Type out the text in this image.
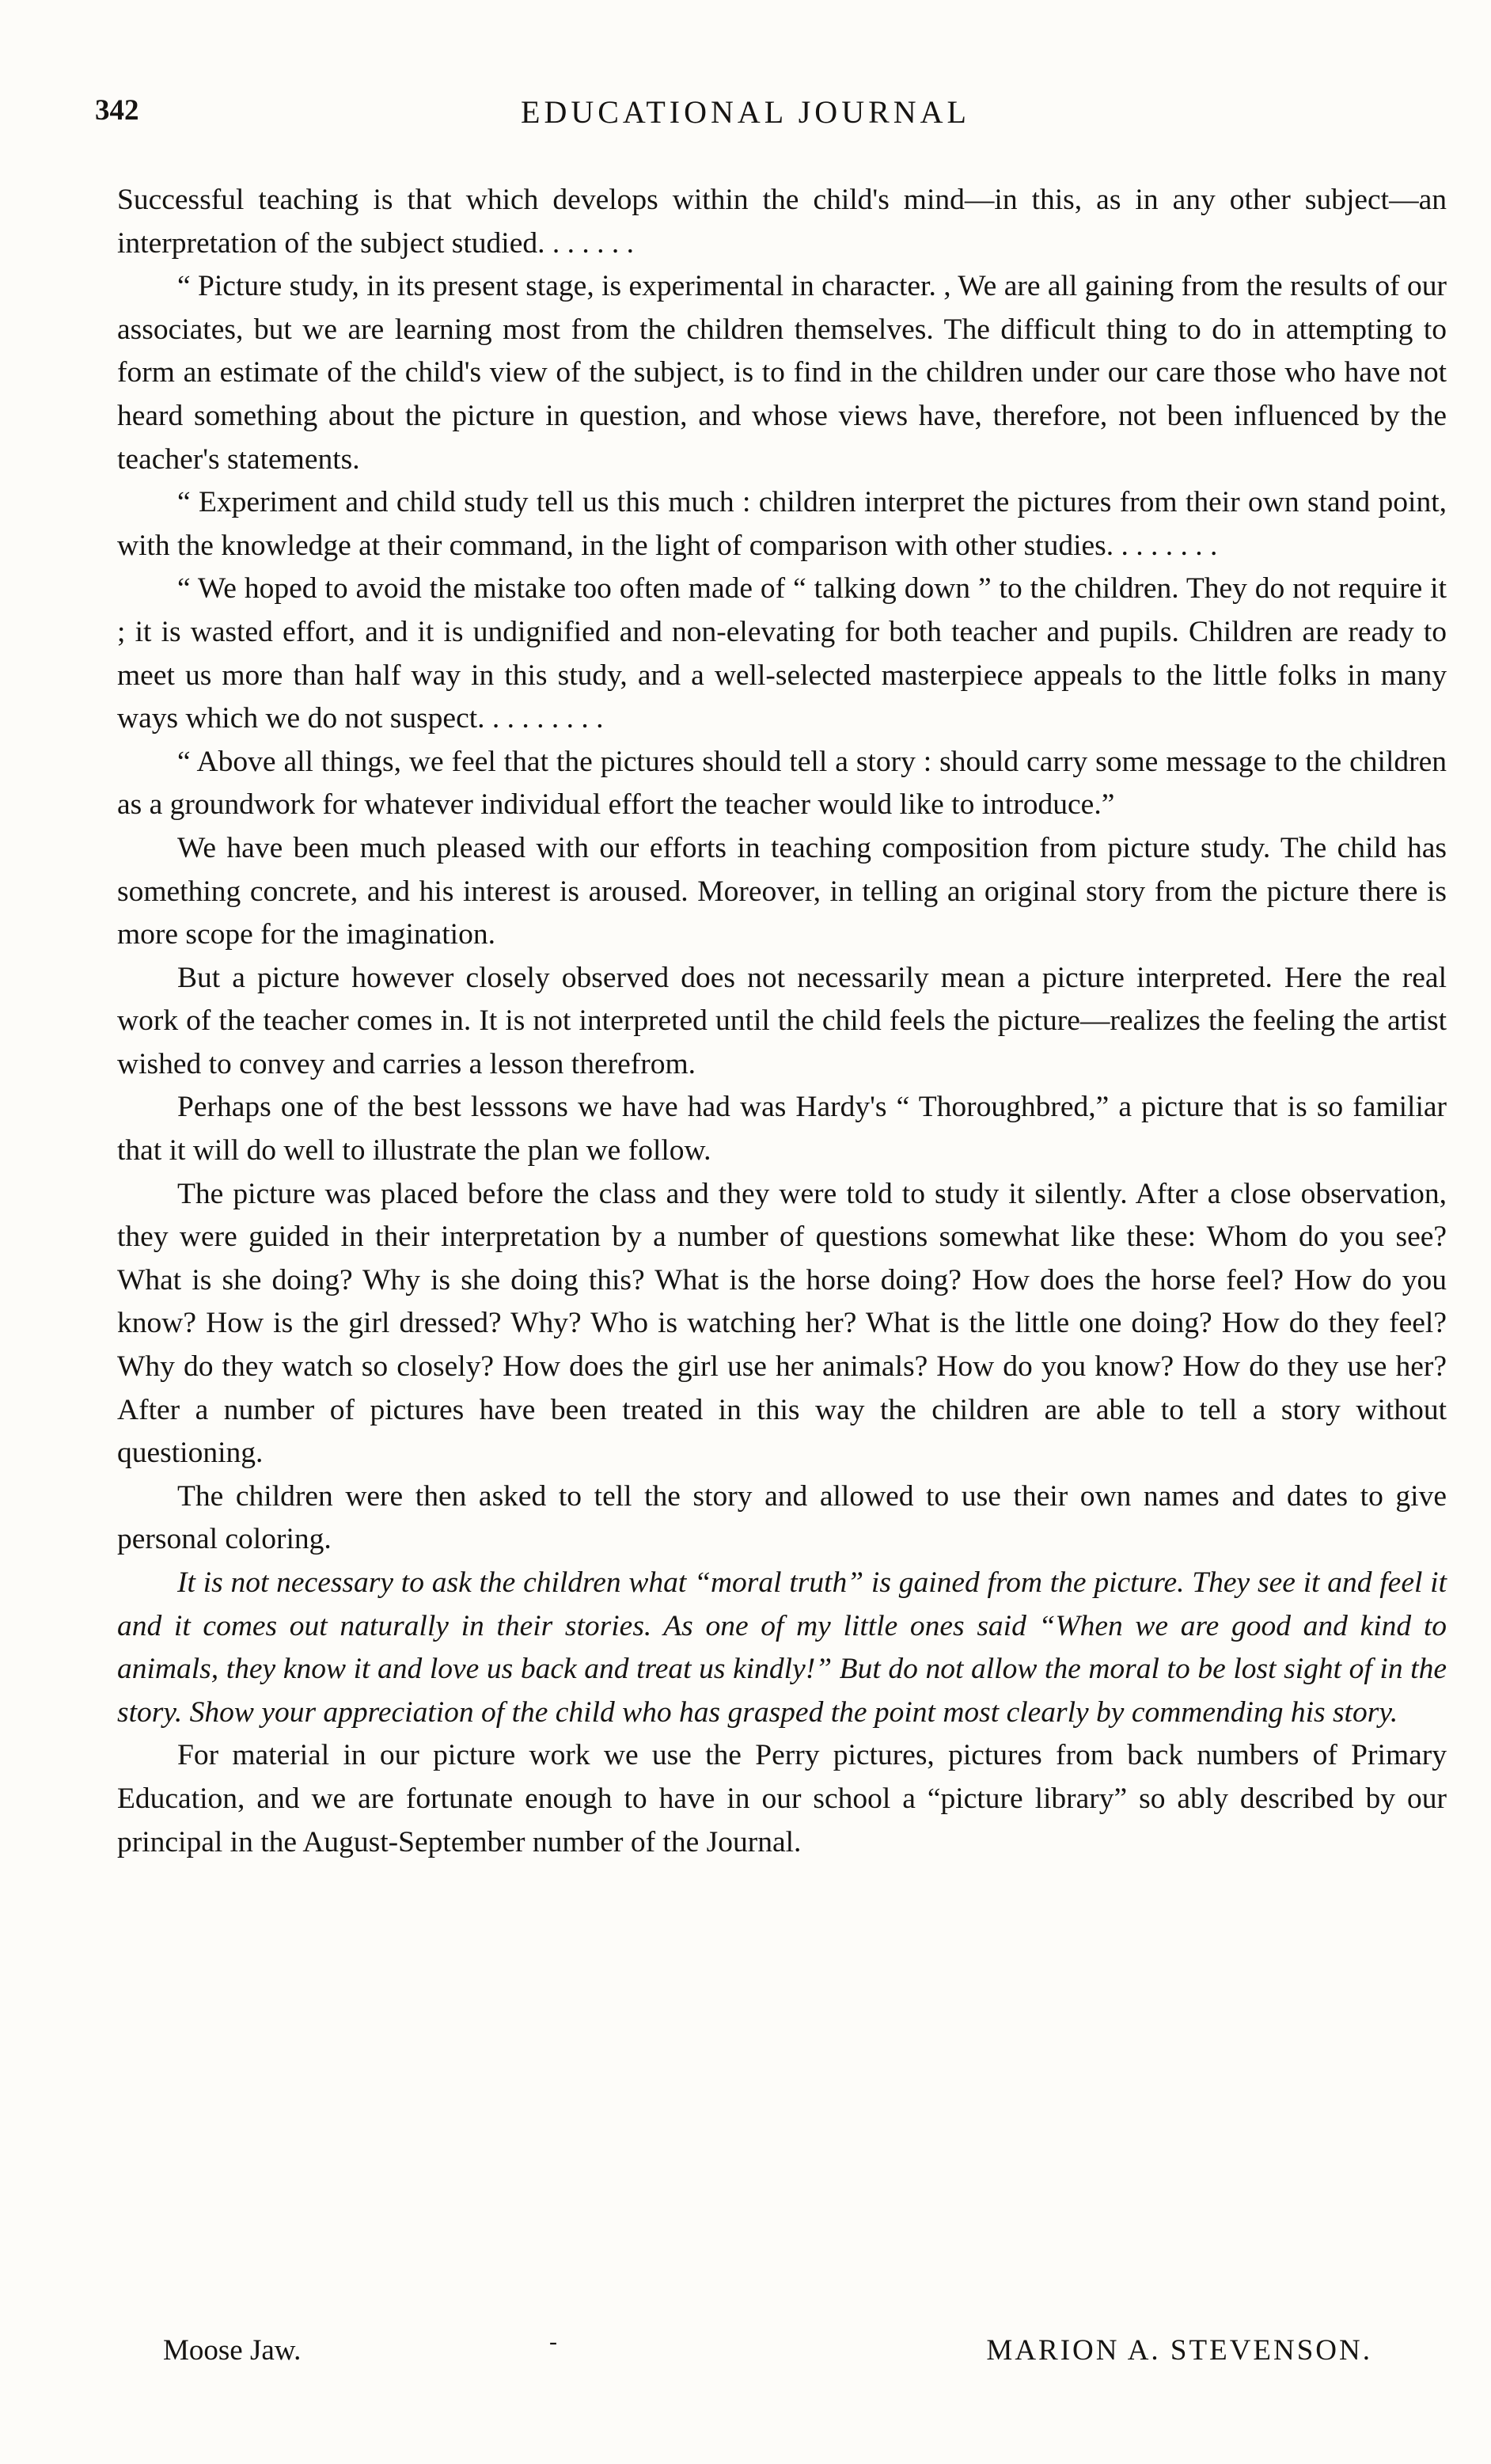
342	EDUCATIONAL JOURNAL

Successful teaching is that which develops within the child's mind—in this, as in any other subject—an interpretation of the subject studied. . . . . . .

“ Picture study, in its present stage, is experimental in character. , We are all gaining from the results of our associates, but we are learning most from the children themselves. The difficult thing to do in attempting to form an estimate of the child's view of the subject, is to find in the children under our care those who have not heard something about the picture in question, and whose views have, therefore, not been influenced by the teacher's statements.

“ Experiment and child study tell us this much : children interpret the pictures from their own stand point, with the knowledge at their command, in the light of comparison with other studies. . . . . . . .

“ We hoped to avoid the mistake too often made of “ talking down ” to the children. They do not require it ; it is wasted effort, and it is undignified and non-elevating for both teacher and pupils. Children are ready to meet us more than half way in this study, and a well-selected masterpiece appeals to the little folks in many ways which we do not suspect. . . . . . . . .

“ Above all things, we feel that the pictures should tell a story : should carry some message to the children as a groundwork for whatever individual effort the teacher would like to introduce.”

We have been much pleased with our efforts in teaching composition from picture study. The child has something concrete, and his interest is aroused. Moreover, in telling an original story from the picture there is more scope for the imagination.

But a picture however closely observed does not necessarily mean a picture interpreted. Here the real work of the teacher comes in. It is not interpreted until the child feels the picture—realizes the feeling the artist wished to convey and carries a lesson therefrom.

Perhaps one of the best lesssons we have had was Hardy's “ Thoroughbred,” a picture that is so familiar that it will do well to illustrate the plan we follow.

The picture was placed before the class and they were told to study it silently. After a close observation, they were guided in their interpretation by a number of questions somewhat like these: Whom do you see? What is she doing? Why is she doing this? What is the horse doing? How does the horse feel? How do you know? How is the girl dressed? Why? Who is watching her? What is the little one doing? How do they feel? Why do they watch so closely? How does the girl use her animals? How do you know? How do they use her? After a number of pictures have been treated in this way the children are able to tell a story without questioning.

The children were then asked to tell the story and allowed to use their own names and dates to give personal coloring.

It is not necessary to ask the children what “moral truth” is gained from the picture. They see it and feel it and it comes out naturally in their stories. As one of my little ones said “When we are good and kind to animals, they know it and love us back and treat us kindly!” But do not allow the moral to be lost sight of in the story. Show your appreciation of the child who has grasped the point most clearly by commending his story.

For material in our picture work we use the Perry pictures, pictures from back numbers of Primary Education, and we are fortunate enough to have in our school a “picture library” so ably described by our principal in the August-September number of the Journal.

Moose Jaw.	-	MARION A. STEVENSON.
